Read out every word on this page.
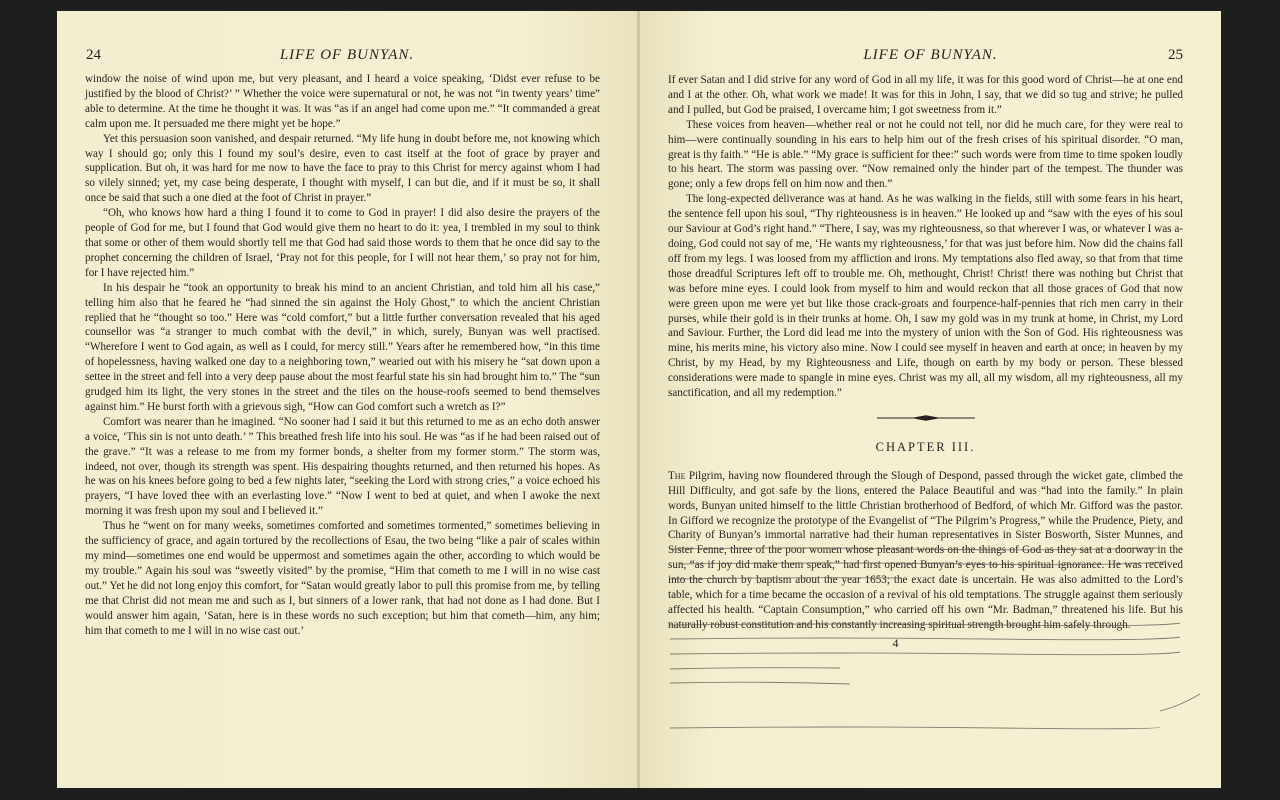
24	LIFE OF BUNYAN.

window the noise of wind upon me, but very pleasant, and I heard a voice speaking, ‘Didst ever refuse to be justified by the blood of Christ?’ ” Whether the voice were supernatural or not, he was not “in twenty years’ time” able to determine. At the time he thought it was. It was “as if an angel had come upon me.” “It commanded a great calm upon me. It persuaded me there might yet be hope.”

Yet this persuasion soon vanished, and despair returned. “My life hung in doubt before me, not knowing which way I should go; only this I found my soul’s desire, even to cast itself at the foot of grace by prayer and supplication. But oh, it was hard for me now to have the face to pray to this Christ for mercy against whom I had so vilely sinned; yet, my case being desperate, I thought with myself, I can but die, and if it must be so, it shall once be said that such a one died at the foot of Christ in prayer.”

“Oh, who knows how hard a thing I found it to come to God in prayer! I did also desire the prayers of the people of God for me, but I found that God would give them no heart to do it: yea, I trembled in my soul to think that some or other of them would shortly tell me that God had said those words to them that he once did say to the prophet concerning the children of Israel, ‘Pray not for this people, for I will not hear them,’ so pray not for him, for I have rejected him.”

In his despair he “took an opportunity to break his mind to an ancient Christian, and told him all his case,” telling him also that he feared he “had sinned the sin against the Holy Ghost,” to which the ancient Christian replied that he “thought so too.” Here was “cold comfort,” but a little further conversation revealed that his aged counsellor was “a stranger to much combat with the devil,” in which, surely, Bunyan was well practised. “Wherefore I went to God again, as well as I could, for mercy still.” Years after he remembered how, “in this time of hopelessness, having walked one day to a neighboring town,” wearied out with his misery he “sat down upon a settee in the street and fell into a very deep pause about the most fearful state his sin had brought him to.” The “sun grudged him its light, the very stones in the street and the tiles on the house-roofs seemed to bend themselves against him.” He burst forth with a grievous sigh, “How can God comfort such a wretch as I?”

Comfort was nearer than he imagined. “No sooner had I said it but this returned to me as an echo doth answer a voice, ‘This sin is not unto death.’ ” This breathed fresh life into his soul. He was “as if he had been raised out of the grave.” “It was a release to me from my former bonds, a shelter from my former storm.” The storm was, indeed, not over, though its strength was spent. His despairing thoughts returned, and then returned his hopes. As he was on his knees before going to bed a few nights later, “seeking the Lord with strong cries,” a voice echoed his prayers, “I have loved thee with an everlasting love.” “Now I went to bed at quiet, and when I awoke the next morning it was fresh upon my soul and I believed it.”

Thus he “went on for many weeks, sometimes comforted and sometimes tormented,” sometimes believing in the sufficiency of grace, and again tortured by the recollections of Esau, the two being “like a pair of scales within my mind—sometimes one end would be uppermost and sometimes again the other, according to which would be my trouble.” Again his soul was “sweetly visited” by the promise, “Him that cometh to me I will in no wise cast out.” Yet he did not long enjoy this comfort, for “Satan would greatly labor to pull this promise from me, by telling me that Christ did not mean me and such as I, but sinners of a lower rank, that had not done as I had done. But I would answer him again, ‘Satan, here is in these words no such exception; but him that cometh—him, any him; him that cometh to me I will in no wise cast out.’

LIFE OF BUNYAN.	25

If ever Satan and I did strive for any word of God in all my life, it was for this good word of Christ—he at one end and I at the other. Oh, what work we made! It was for this in John, I say, that we did so tug and strive; he pulled and I pulled, but God be praised, I overcame him; I got sweetness from it.”

These voices from heaven—whether real or not he could not tell, nor did he much care, for they were real to him—were continually sounding in his ears to help him out of the fresh crises of his spiritual disorder. “O man, great is thy faith.” “He is able.” “My grace is sufficient for thee:” such words were from time to time spoken loudly to his heart. The storm was passing over. “Now remained only the hinder part of the tempest. The thunder was gone; only a few drops fell on him now and then.”

The long-expected deliverance was at hand. As he was walking in the fields, still with some fears in his heart, the sentence fell upon his soul, “Thy righteousness is in heaven.” He looked up and “saw with the eyes of his soul our Saviour at God’s right hand.” “There, I say, was my righteousness, so that wherever I was, or whatever I was a-doing, God could not say of me, ‘He wants my righteousness,’ for that was just before him. Now did the chains fall off from my legs. I was loosed from my affliction and irons. My temptations also fled away, so that from that time those dreadful Scriptures left off to trouble me. Oh, methought, Christ! Christ! there was nothing but Christ that was before mine eyes. I could look from myself to him and would reckon that all those graces of God that now were green upon me were yet but like those crack-groats and fourpence-half-pennies that rich men carry in their purses, while their gold is in their trunks at home. Oh, I saw my gold was in my trunk at home, in Christ, my Lord and Saviour. Further, the Lord did lead me into the mystery of union with the Son of God. His righteousness was mine, his merits mine, his victory also mine. Now I could see myself in heaven and earth at once; in heaven by my Christ, by my Head, by my Righteousness and Life, though on earth by my body or person. These blessed considerations were made to spangle in mine eyes. Christ was my all, all my wisdom, all my righteousness, all my sanctification, and all my redemption.”

CHAPTER III.

The Pilgrim, having now floundered through the Slough of Despond, passed through the wicket gate, climbed the Hill Difficulty, and got safe by the lions, entered the Palace Beautiful and was “had into the family.” In plain words, Bunyan united himself to the little Christian brotherhood of Bedford, of which Mr. Gifford was the pastor. In Gifford we recognize the prototype of the Evangelist of “The Pilgrim’s Progress,” while the Prudence, Piety, and Charity of Bunyan’s immortal narrative had their human representatives in Sister Bosworth, Sister Munnes, and Sister Fenne, three of the poor women whose pleasant words on the things of God as they sat at a doorway in the sun, “as if joy did make them speak,” had first opened Bunyan’s eyes to his spiritual ignorance. He was received into the church by baptism about the year 1653; the exact date is uncertain. He was also admitted to the Lord’s table, which for a time became the occasion of a revival of his old temptations. The struggle against them seriously affected his health. “Captain Consumption,” who carried off his own “Mr. Badman,” threatened his life. But his naturally robust constitution and his constantly increasing spiritual strength brought him safely through.

4
